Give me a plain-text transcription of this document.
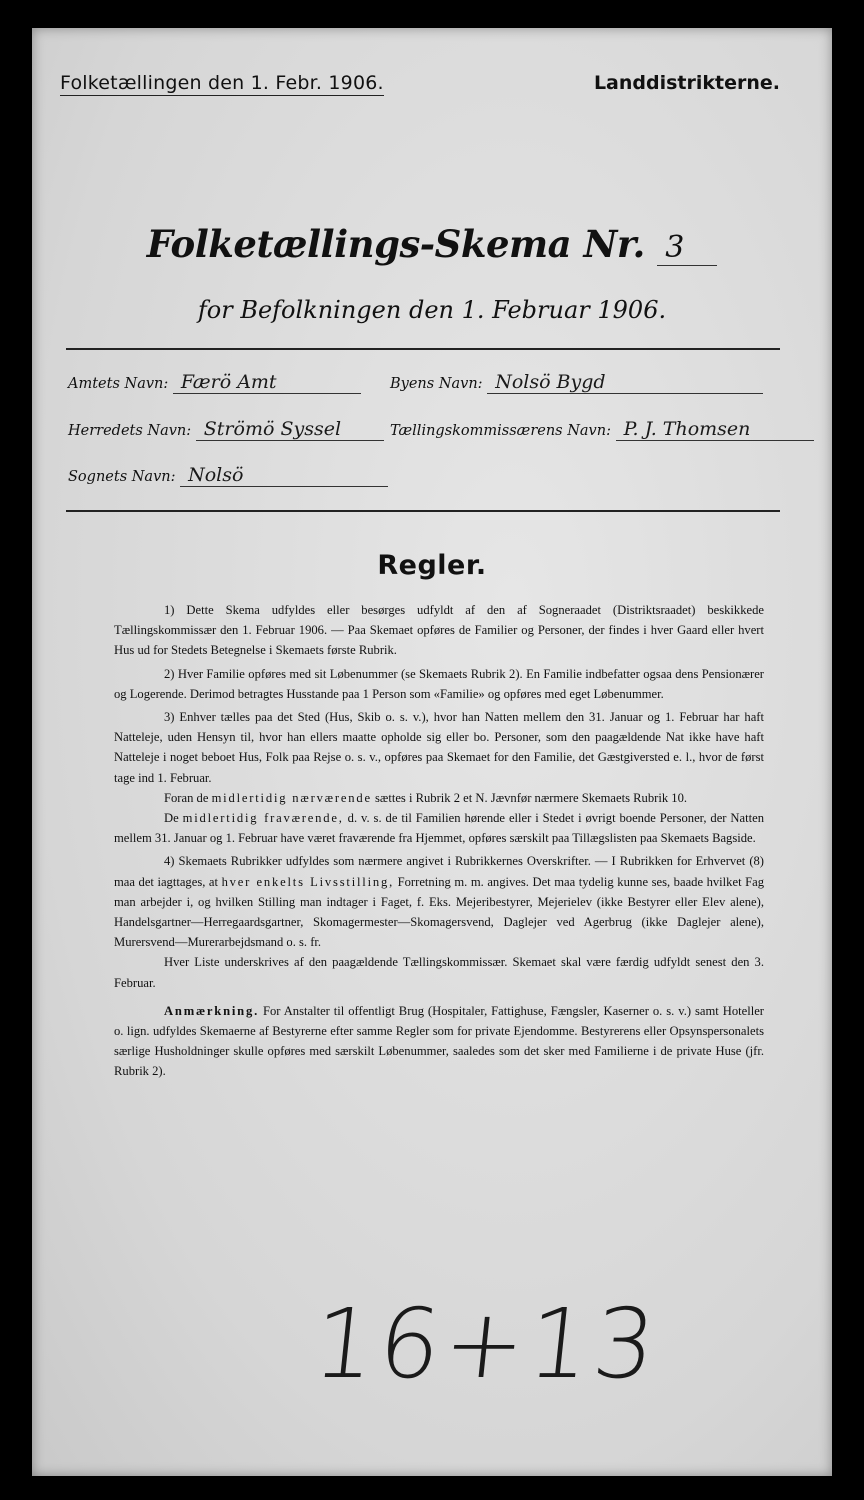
Folketællingen den 1. Febr. 1906.	Landdistrikterne.
Folketællings-Skema Nr. 3
for Befolkningen den 1. Februar 1906.
Amtets Navn: Færö Amt	Byens Navn: Nolsö Bygd
Herredets Navn: Strömö Syssel	Tællingskommissærens Navn: P. J. Thomsen
Sognets Navn: Nolsö
Regler.

1) Dette Skema udfyldes eller besørges udfyldt af den af Sogneraadet (Distriktsraadet) beskikkede Tællingskommissær den 1. Februar 1906. — Paa Skemaet opføres de Familier og Personer, der findes i hver Gaard eller hvert Hus ud for Stedets Betegnelse i Skemaets første Rubrik.

2) Hver Familie opføres med sit Løbenummer (se Skemaets Rubrik 2). En Familie indbefatter ogsaa dens Pensionærer og Logerende. Derimod betragtes Husstande paa 1 Person som «Familie» og opføres med eget Løbenummer.

3) Enhver tælles paa det Sted (Hus, Skib o. s. v.), hvor han Natten mellem den 31. Januar og 1. Februar har haft Natteleje, uden Hensyn til, hvor han ellers maatte opholde sig eller bo. Personer, som den paagældende Nat ikke have haft Natteleje i noget beboet Hus, Folk paa Rejse o. s. v., opføres paa Skemaet for den Familie, det Gæstgiversted e. l., hvor de først tage ind 1. Februar.

Foran de midlertidig nærværende sættes i Rubrik 2 et N. Jævnfør nærmere Skemaets Rubrik 10.

De midlertidig fraværende, d. v. s. de til Familien hørende eller i Stedet i øvrigt boende Personer, der Natten mellem 31. Januar og 1. Februar have været fraværende fra Hjemmet, opføres særskilt paa Tillægslisten paa Skemaets Bagside.

4) Skemaets Rubrikker udfyldes som nærmere angivet i Rubrikkernes Overskrifter. — I Rubrikken for Erhvervet (8) maa det iagttages, at hver enkelts Livsstilling, Forretning m. m. angives. Det maa tydelig kunne ses, baade hvilket Fag man arbejder i, og hvilken Stilling man indtager i Faget, f. Eks. Mejeribestyrer, Mejerielev (ikke Bestyrer eller Elev alene), Handelsgartner—Herregaardsgartner, Skomagermester—Skomagersvend, Daglejer ved Agerbrug (ikke Daglejer alene), Murersvend—Murerarbejdsmand o. s. fr.

Hver Liste underskrives af den paagældende Tællingskommissær. Skemaet skal være færdig udfyldt senest den 3. Februar.

Anmærkning. For Anstalter til offentligt Brug (Hospitaler, Fattighuse, Fængsler, Kaserner o. s. v.) samt Hoteller o. lign. udfyldes Skemaerne af Bestyrerne efter samme Regler som for private Ejendomme. Bestyrerens eller Opsynspersonalets særlige Husholdninger skulle opføres med særskilt Løbenummer, saaledes som det sker med Familierne i de private Huse (jfr. Rubrik 2).

16+13
